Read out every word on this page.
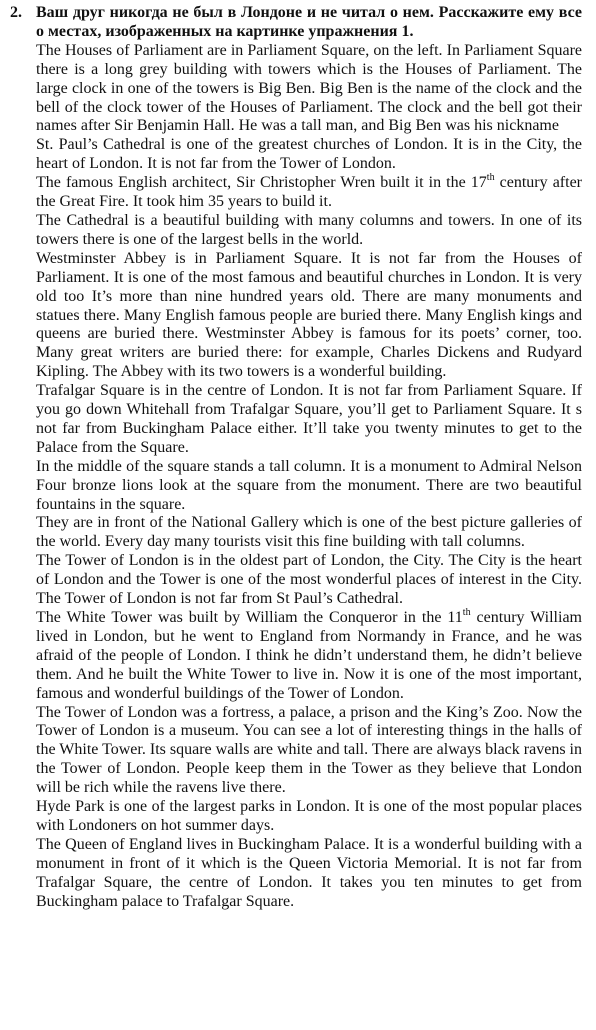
2. Ваш друг никогда не был в Лондоне и не читал о нем. Расскажите ему все о местах, изображенных на картинке упражнения 1.

The Houses of Parliament are in Parliament Square, on the left. In Parliament Square there is a long grey building with towers which is the Houses of Parliament. The large clock in one of the towers is Big Ben. Big Ben is the name of the clock and the bell of the clock tower of the Houses of Parliament. The clock and the bell got their names after Sir Benjamin Hall. He was a tall man, and Big Ben was his nickname

St. Paul’s Cathedral is one of the greatest churches of London. It is in the City, the heart of London. It is not far from the Tower of London.

The famous English architect, Sir Christopher Wren built it in the 17th century after the Great Fire. It took him 35 years to build it.

The Cathedral is a beautiful building with many columns and towers. In one of its towers there is one of the largest bells in the world.

Westminster Abbey is in Parliament Square. It is not far from the Houses of Parliament. It is one of the most famous and beautiful churches in London. It is very old too It’s more than nine hundred years old. There are many monuments and statues there. Many English famous people are buried there. Many English kings and queens are buried there. Westminster Abbey is famous for its poets’ corner, too. Many great writers are buried there: for example, Charles Dickens and Rudyard Kipling. The Abbey with its two towers is a wonderful building.

Trafalgar Square is in the centre of London. It is not far from Parliament Square. If you go down Whitehall from Trafalgar Square, you’ll get to Parliament Square. It s not far from Buckingham Palace either. It’ll take you twenty minutes to get to the Palace from the Square.

In the middle of the square stands a tall column. It is a monument to Admiral Nelson Four bronze lions look at the square from the monument. There are two beautiful fountains in the square.

They are in front of the National Gallery which is one of the best picture galleries of the world. Every day many tourists visit this fine building with tall columns.

The Tower of London is in the oldest part of London, the City. The City is the heart of London and the Tower is one of the most wonderful places of interest in the City. The Tower of London is not far from St Paul’s Cathedral.

The White Tower was built by William the Conqueror in the 11th century William lived in London, but he went to England from Normandy in France, and he was afraid of the people of London. I think he didn’t understand them, he didn’t believe them. And he built the White Tower to live in. Now it is one of the most important, famous and wonderful buildings of the Tower of London.

The Tower of London was a fortress, a palace, a prison and the King’s Zoo. Now the Tower of London is a museum. You can see a lot of interesting things in the halls of the White Tower. Its square walls are white and tall. There are always black ravens in the Tower of London. People keep them in the Tower as they believe that London will be rich while the ravens live there.

Hyde Park is one of the largest parks in London. It is one of the most popular places with Londoners on hot summer days.

The Queen of England lives in Buckingham Palace. It is a wonderful building with a monument in front of it which is the Queen Victoria Memorial. It is not far from Trafalgar Square, the centre of London. It takes you ten minutes to get from Buckingham palace to Trafalgar Square.
